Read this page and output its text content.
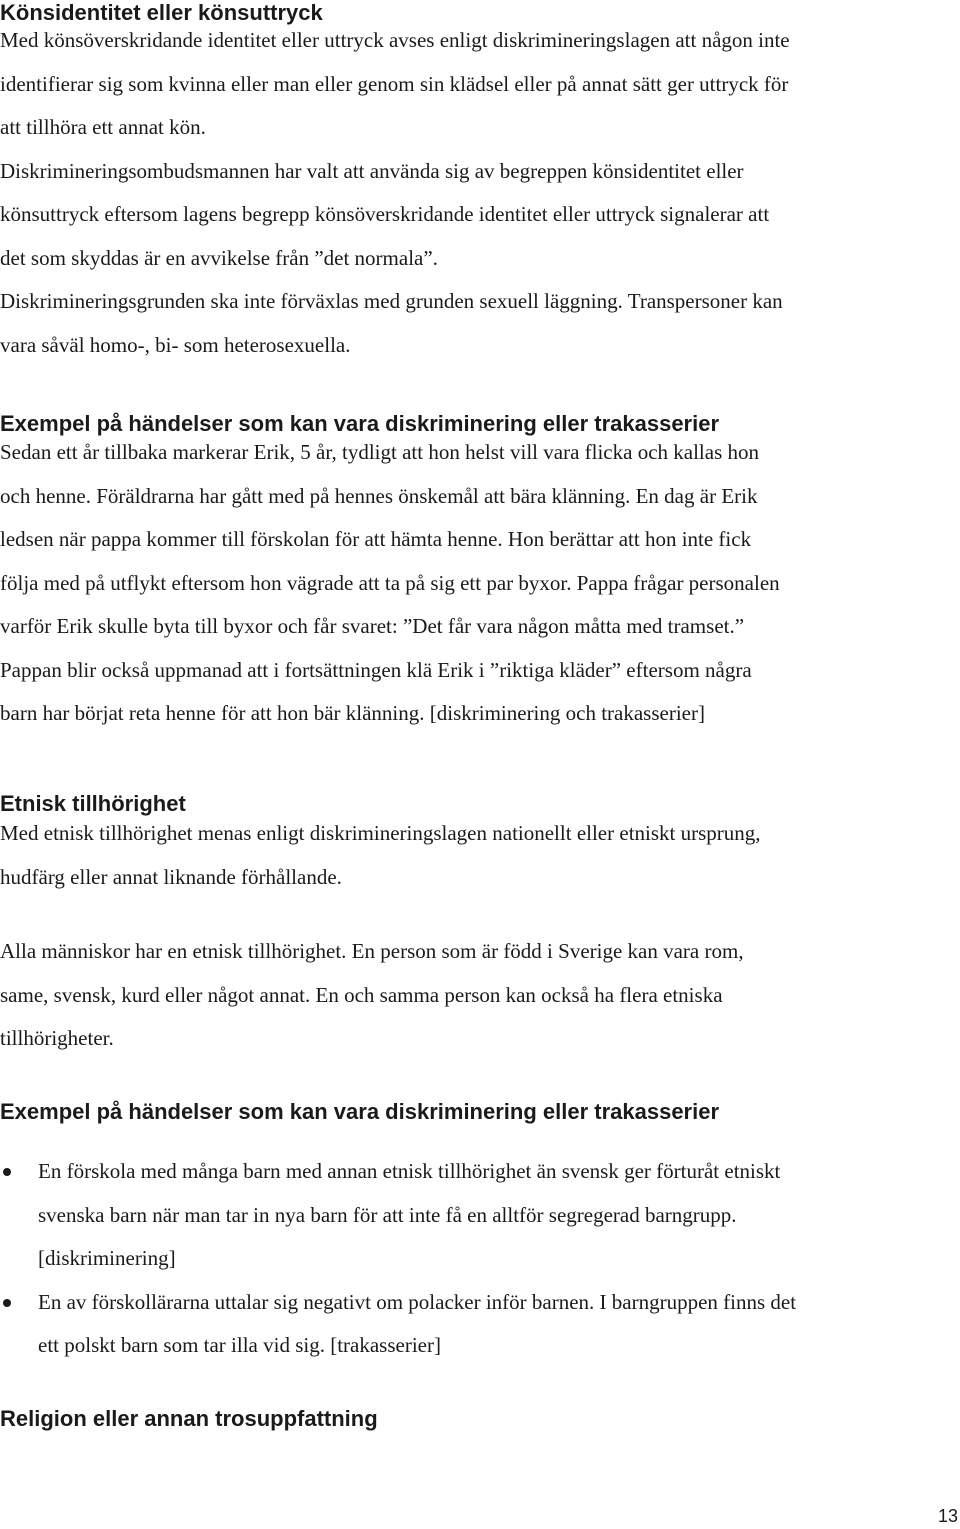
Könsidentitet eller könsuttryck
Med könsöverskridande identitet eller uttryck avses enligt diskrimineringslagen att någon inte
identifierar sig som kvinna eller man eller genom sin klädsel eller på annat sätt ger uttryck för
att tillhöra ett annat kön.
Diskrimineringsombudsmannen har valt att använda sig av begreppen könsidentitet eller
könsuttryck eftersom lagens begrepp könsöverskridande identitet eller uttryck signalerar att
det som skyddas är en avvikelse från ”det normala”.
Diskrimineringsgrunden ska inte förväxlas med grunden sexuell läggning. Transpersoner kan
vara såväl homo-, bi- som heterosexuella.
Exempel på händelser som kan vara diskriminering eller trakasserier
Sedan ett år tillbaka markerar Erik, 5 år, tydligt att hon helst vill vara flicka och kallas hon
och henne. Föräldrarna har gått med på hennes önskemål att bära klänning. En dag är Erik
ledsen när pappa kommer till förskolan för att hämta henne. Hon berättar att hon inte fick
följa med på utflykt eftersom hon vägrade att ta på sig ett par byxor. Pappa frågar personalen
varför Erik skulle byta till byxor och får svaret: ”Det får vara någon måtta med tramset.”
Pappan blir också uppmanad att i fortsättningen klä Erik i ”riktiga kläder” eftersom några
barn har börjat reta henne för att hon bär klänning. [diskriminering och trakasserier]
Etnisk tillhörighet
Med etnisk tillhörighet menas enligt diskrimineringslagen nationellt eller etniskt ursprung,
hudfärg eller annat liknande förhållande.
Alla människor har en etnisk tillhörighet. En person som är född i Sverige kan vara rom,
same, svensk, kurd eller något annat. En och samma person kan också ha flera etniska
tillhörigheter.
Exempel på händelser som kan vara diskriminering eller trakasserier
En förskola med många barn med annan etnisk tillhörighet än svensk ger förturåt etniskt
svenska barn när man tar in nya barn för att inte få en alltför segregerad barngrupp.
[diskriminering]
En av förskollärarna uttalar sig negativt om polacker inför barnen. I barngruppen finns det
ett polskt barn som tar illa vid sig. [trakasserier]
Religion eller annan trosuppfattning
13
